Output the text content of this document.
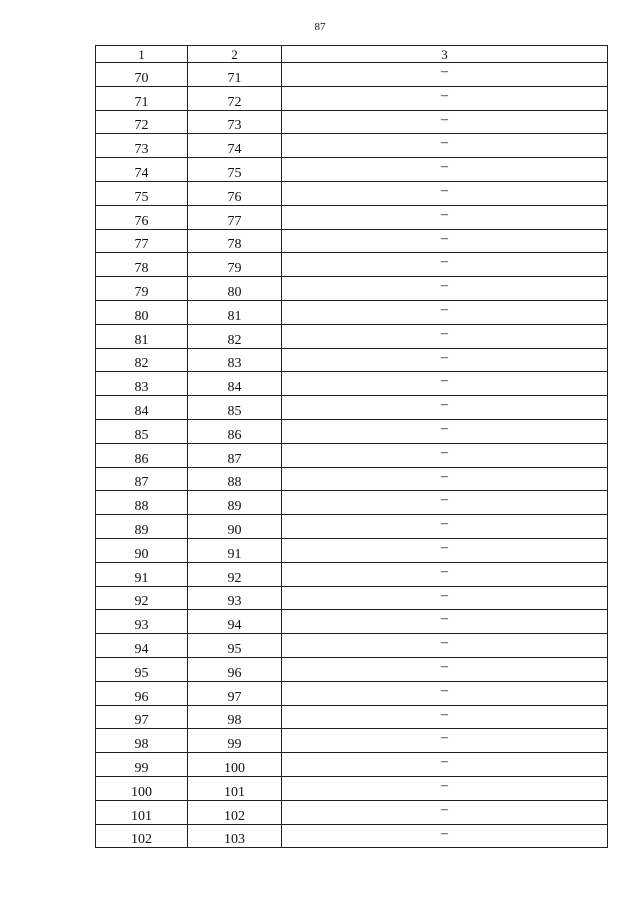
87
1	2	3
70	71	–
71	72	–
72	73	–
73	74	–
74	75	–
75	76	–
76	77	–
77	78	–
78	79	–
79	80	–
80	81	–
81	82	–
82	83	–
83	84	–
84	85	–
85	86	–
86	87	–
87	88	–
88	89	–
89	90	–
90	91	–
91	92	–
92	93	–
93	94	–
94	95	–
95	96	–
96	97	–
97	98	–
98	99	–
99	100	–
100	101	–
101	102	–
102	103	–
